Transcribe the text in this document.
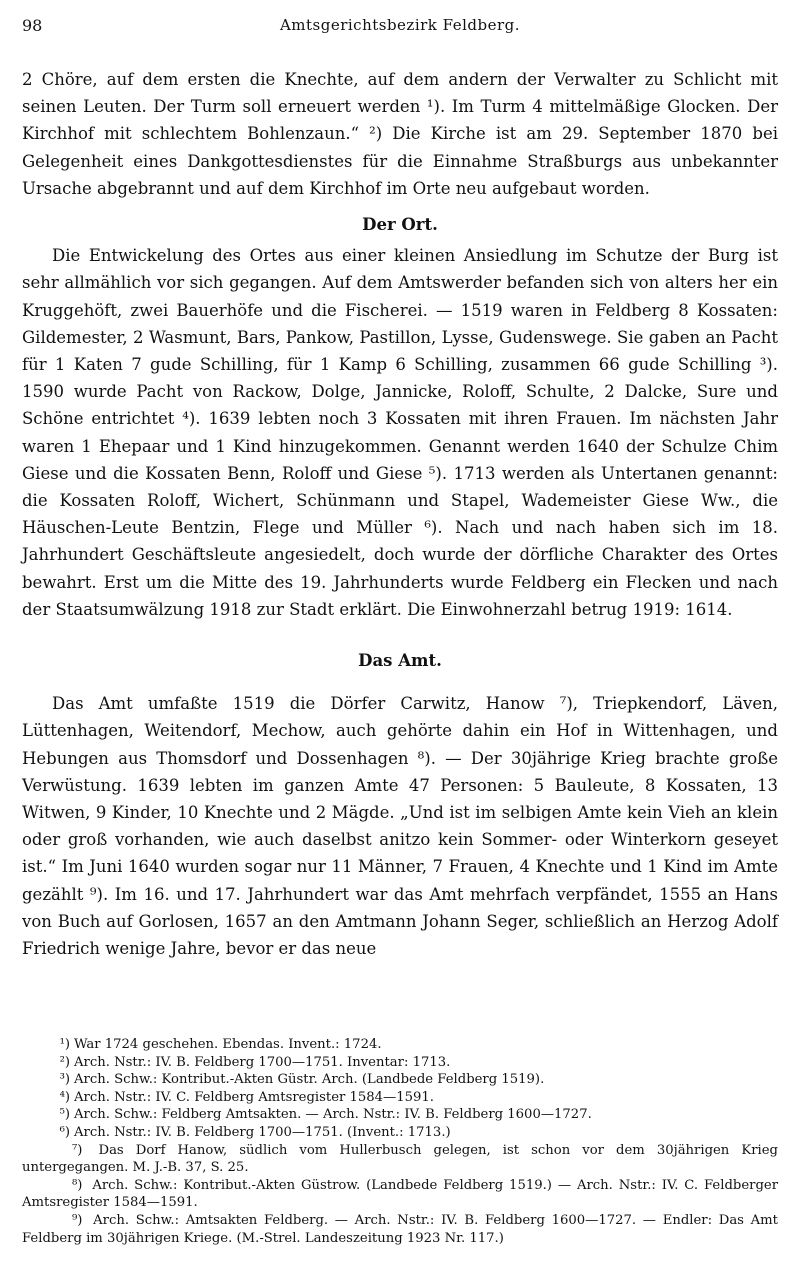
98	Amtsgerichtsbezirk Feldberg.

2 Chöre, auf dem ersten die Knechte, auf dem andern der Verwalter zu Schlicht mit seinen Leuten. Der Turm soll erneuert werden ¹). Im Turm 4 mittelmäßige Glocken. Der Kirchhof mit schlechtem Bohlenzaun.“ ²) Die Kirche ist am 29. September 1870 bei Gelegenheit eines Dankgottesdienstes für die Einnahme Straßburgs aus unbekannter Ursache abgebrannt und auf dem Kirchhof im Orte neu aufgebaut worden.

Der Ort.

Die Entwickelung des Ortes aus einer kleinen Ansiedlung im Schutze der Burg ist sehr allmählich vor sich gegangen. Auf dem Amtswerder befanden sich von alters her ein Kruggehöft, zwei Bauerhöfe und die Fischerei. — 1519 waren in Feldberg 8 Kossaten: Gildemester, 2 Wasmunt, Bars, Pankow, Pastillon, Lysse, Gudenswege. Sie gaben an Pacht für 1 Katen 7 gude Schilling, für 1 Kamp 6 Schilling, zusammen 66 gude Schilling ³). 1590 wurde Pacht von Rackow, Dolge, Jannicke, Roloff, Schulte, 2 Dalcke, Sure und Schöne entrichtet ⁴). 1639 lebten noch 3 Kossaten mit ihren Frauen. Im nächsten Jahr waren 1 Ehepaar und 1 Kind hinzugekommen. Genannt werden 1640 der Schulze Chim Giese und die Kossaten Benn, Roloff und Giese ⁵). 1713 werden als Untertanen genannt: die Kossaten Roloff, Wichert, Schünmann und Stapel, Wademeister Giese Ww., die Häuschen-Leute Bentzin, Flege und Müller ⁶). Nach und nach haben sich im 18. Jahrhundert Geschäftsleute angesiedelt, doch wurde der dörfliche Charakter des Ortes bewahrt. Erst um die Mitte des 19. Jahrhunderts wurde Feldberg ein Flecken und nach der Staatsumwälzung 1918 zur Stadt erklärt. Die Einwohnerzahl betrug 1919: 1614.

Das Amt.

Das Amt umfaßte 1519 die Dörfer Carwitz, Hanow ⁷), Triepkendorf, Läven, Lüttenhagen, Weitendorf, Mechow, auch gehörte dahin ein Hof in Wittenhagen, und Hebungen aus Thomsdorf und Dossenhagen ⁸). — Der 30jährige Krieg brachte große Verwüstung. 1639 lebten im ganzen Amte 47 Personen: 5 Bauleute, 8 Kossaten, 13 Witwen, 9 Kinder, 10 Knechte und 2 Mägde. „Und ist im selbigen Amte kein Vieh an klein oder groß vorhanden, wie auch daselbst anitzo kein Sommer- oder Winterkorn geseyet ist.“ Im Juni 1640 wurden sogar nur 11 Männer, 7 Frauen, 4 Knechte und 1 Kind im Amte gezählt ⁹). Im 16. und 17. Jahrhundert war das Amt mehrfach verpfändet, 1555 an Hans von Buch auf Gorlosen, 1657 an den Amtmann Johann Seger, schließlich an Herzog Adolf Friedrich wenige Jahre, bevor er das neue

¹) War 1724 geschehen. Ebendas. Invent.: 1724.
²) Arch. Nstr.: IV. B. Feldberg 1700—1751. Inventar: 1713.
³) Arch. Schw.: Kontribut.-Akten Güstr. Arch. (Landbede Feldberg 1519).
⁴) Arch. Nstr.: IV. C. Feldberg Amtsregister 1584—1591.
⁵) Arch. Schw.: Feldberg Amtsakten. — Arch. Nstr.: IV. B. Feldberg 1600—1727.
⁶) Arch. Nstr.: IV. B. Feldberg 1700—1751. (Invent.: 1713.)
⁷) Das Dorf Hanow, südlich vom Hullerbusch gelegen, ist schon vor dem 30jährigen Krieg untergegangen. M. J.-B. 37, S. 25.
⁸) Arch. Schw.: Kontribut.-Akten Güstrow. (Landbede Feldberg 1519.) — Arch. Nstr.: IV. C. Feldberger Amtsregister 1584—1591.
⁹) Arch. Schw.: Amtsakten Feldberg. — Arch. Nstr.: IV. B. Feldberg 1600—1727. — Endler: Das Amt Feldberg im 30jährigen Kriege. (M.-Strel. Landeszeitung 1923 Nr. 117.)
